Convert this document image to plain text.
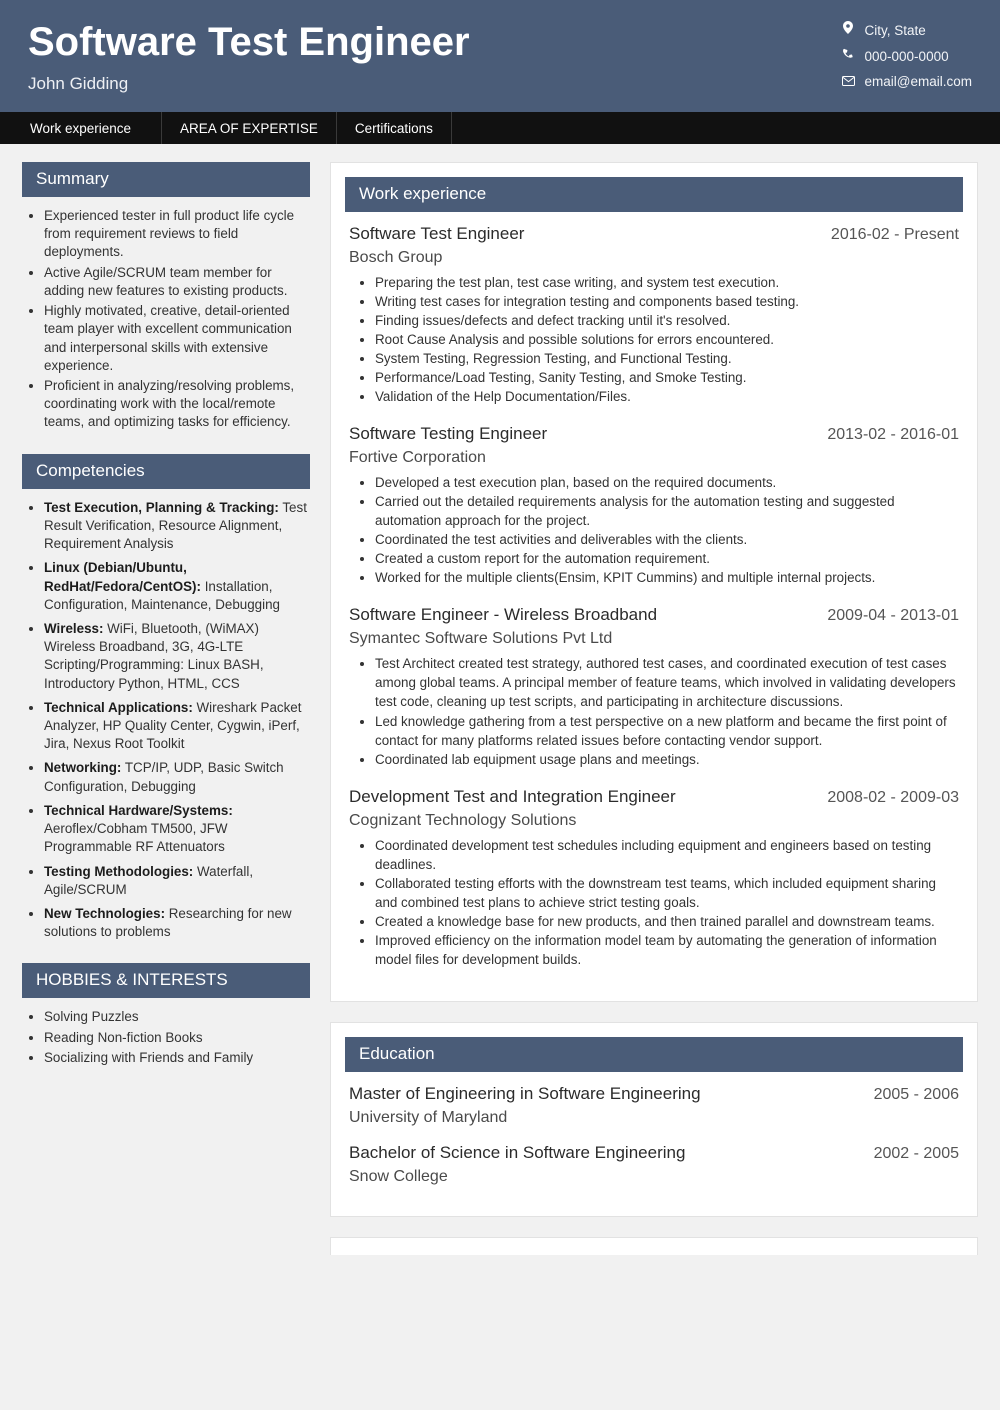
Software Test Engineer
John Gidding
City, State
000-000-0000
email@email.com
Work experience	AREA OF EXPERTISE	Certifications
Summary
• Experienced tester in full product life cycle from requirement reviews to field deployments.
• Active Agile/SCRUM team member for adding new features to existing products.
• Highly motivated, creative, detail-oriented team player with excellent communication and interpersonal skills with extensive experience.
• Proficient in analyzing/resolving problems, coordinating work with the local/remote teams, and optimizing tasks for efficiency.
Competencies
• Test Execution, Planning & Tracking: Test Result Verification, Resource Alignment, Requirement Analysis
• Linux (Debian/Ubuntu, RedHat/Fedora/CentOS): Installation, Configuration, Maintenance, Debugging
• Wireless: WiFi, Bluetooth, (WiMAX) Wireless Broadband, 3G, 4G-LTE Scripting/Programming: Linux BASH, Introductory Python, HTML, CCS
• Technical Applications: Wireshark Packet Analyzer, HP Quality Center, Cygwin, iPerf, Jira, Nexus Root Toolkit
• Networking: TCP/IP, UDP, Basic Switch Configuration, Debugging
• Technical Hardware/Systems: Aeroflex/Cobham TM500, JFW Programmable RF Attenuators
• Testing Methodologies: Waterfall, Agile/SCRUM
• New Technologies: Researching for new solutions to problems
HOBBIES & INTERESTS
• Solving Puzzles
• Reading Non-fiction Books
• Socializing with Friends and Family
Work experience
Software Test Engineer	2016-02 - Present
Bosch Group
• Preparing the test plan, test case writing, and system test execution.
• Writing test cases for integration testing and components based testing.
• Finding issues/defects and defect tracking until it's resolved.
• Root Cause Analysis and possible solutions for errors encountered.
• System Testing, Regression Testing, and Functional Testing.
• Performance/Load Testing, Sanity Testing, and Smoke Testing.
• Validation of the Help Documentation/Files.
Software Testing Engineer	2013-02 - 2016-01
Fortive Corporation
• Developed a test execution plan, based on the required documents.
• Carried out the detailed requirements analysis for the automation testing and suggested automation approach for the project.
• Coordinated the test activities and deliverables with the clients.
• Created a custom report for the automation requirement.
• Worked for the multiple clients(Ensim, KPIT Cummins) and multiple internal projects.
Software Engineer - Wireless Broadband	2009-04 - 2013-01
Symantec Software Solutions Pvt Ltd
• Test Architect created test strategy, authored test cases, and coordinated execution of test cases among global teams. A principal member of feature teams, which involved in validating developers test code, cleaning up test scripts, and participating in architecture discussions.
• Led knowledge gathering from a test perspective on a new platform and became the first point of contact for many platforms related issues before contacting vendor support.
• Coordinated lab equipment usage plans and meetings.
Development Test and Integration Engineer	2008-02 - 2009-03
Cognizant Technology Solutions
• Coordinated development test schedules including equipment and engineers based on testing deadlines.
• Collaborated testing efforts with the downstream test teams, which included equipment sharing and combined test plans to achieve strict testing goals.
• Created a knowledge base for new products, and then trained parallel and downstream teams.
• Improved efficiency on the information model team by automating the generation of information model files for development builds.
Education
Master of Engineering in Software Engineering	2005 - 2006
University of Maryland
Bachelor of Science in Software Engineering	2002 - 2005
Snow College
